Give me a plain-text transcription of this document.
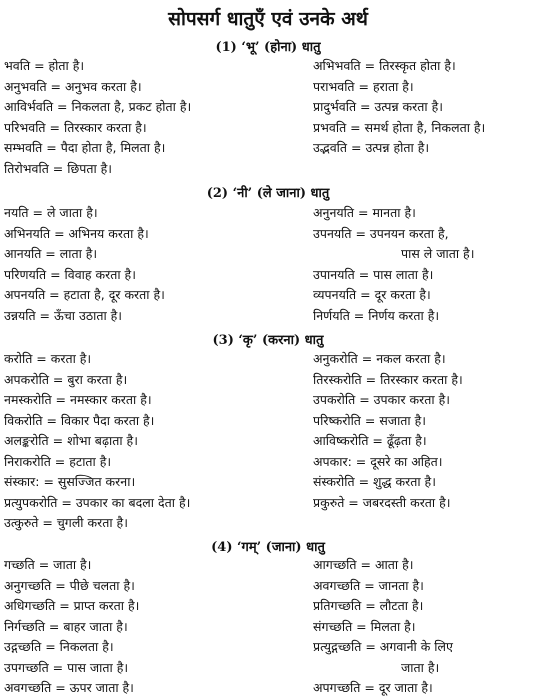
सोपसर्ग धातुएँ एवं उनके अर्थ
(1) ‘भू’ (होना) धातु
भवति = होता है।
अनुभवति = अनुभव करता है।
आविर्भवति = निकलता है, प्रकट होता है।
परिभवति = तिरस्कार करता है।
सम्भवति = पैदा होता है, मिलता है।
तिरोभवति = छिपता है।
अभिभवति = तिरस्कृत होता है।
पराभवति = हराता है।
प्रादुर्भवति = उत्पन्न करता है।
प्रभवति = समर्थ होता है, निकलता है।
उद्भवति = उत्पन्न होता है।
(2) ‘नी’ (ले जाना) धातु
नयति = ले जाता है।
अभिनयति = अभिनय करता है।
आनयति = लाता है।
परिणयति = विवाह करता है।
अपनयति = हटाता है, दूर करता है।
उन्नयति = ऊँचा उठाता है।
अनुनयति = मानता है।
उपनयति = उपनयन करता है,
पास ले जाता है।
उपानयति = पास लाता है।
व्यपनयति = दूर करता है।
निर्णयति = निर्णय करता है।
(3) ‘कृ’ (करना) धातु
करोति = करता है।
अपकरोति = बुरा करता है।
नमस्करोति = नमस्कार करता है।
विकरोति = विकार पैदा करता है।
अलङ्करोति = शोभा बढ़ाता है।
निराकरोति = हटाता है।
संस्कार: = सुसज्जित करना।
प्रत्युपकरोति = उपकार का बदला देता है।
उत्कुरुते = चुगली करता है।
अनुकरोति = नकल करता है।
तिरस्करोति = तिरस्कार करता है।
उपकरोति = उपकार करता है।
परिष्करोति = सजाता है।
आविष्करोति = ढूँढ़ता है।
अपकार: = दूसरे का अहित।
संस्करोति = शुद्ध करता है।
प्रकुरुते = जबरदस्ती करता है।
(4) ‘गम्’ (जाना) धातु
गच्छति = जाता है।
अनुगच्छति = पीछे चलता है।
अधिगच्छति = प्राप्त करता है।
निर्गच्छति = बाहर जाता है।
उद्गच्छति = निकलता है।
उपगच्छति = पास जाता है।
अवगच्छति = ऊपर जाता है।
आगच्छति = आता है।
अवगच्छति = जानता है।
प्रतिगच्छति = लौटता है।
संगच्छति = मिलता है।
प्रत्युद्गच्छति = अगवानी के लिए
जाता है।
अपगच्छति = दूर जाता है।
